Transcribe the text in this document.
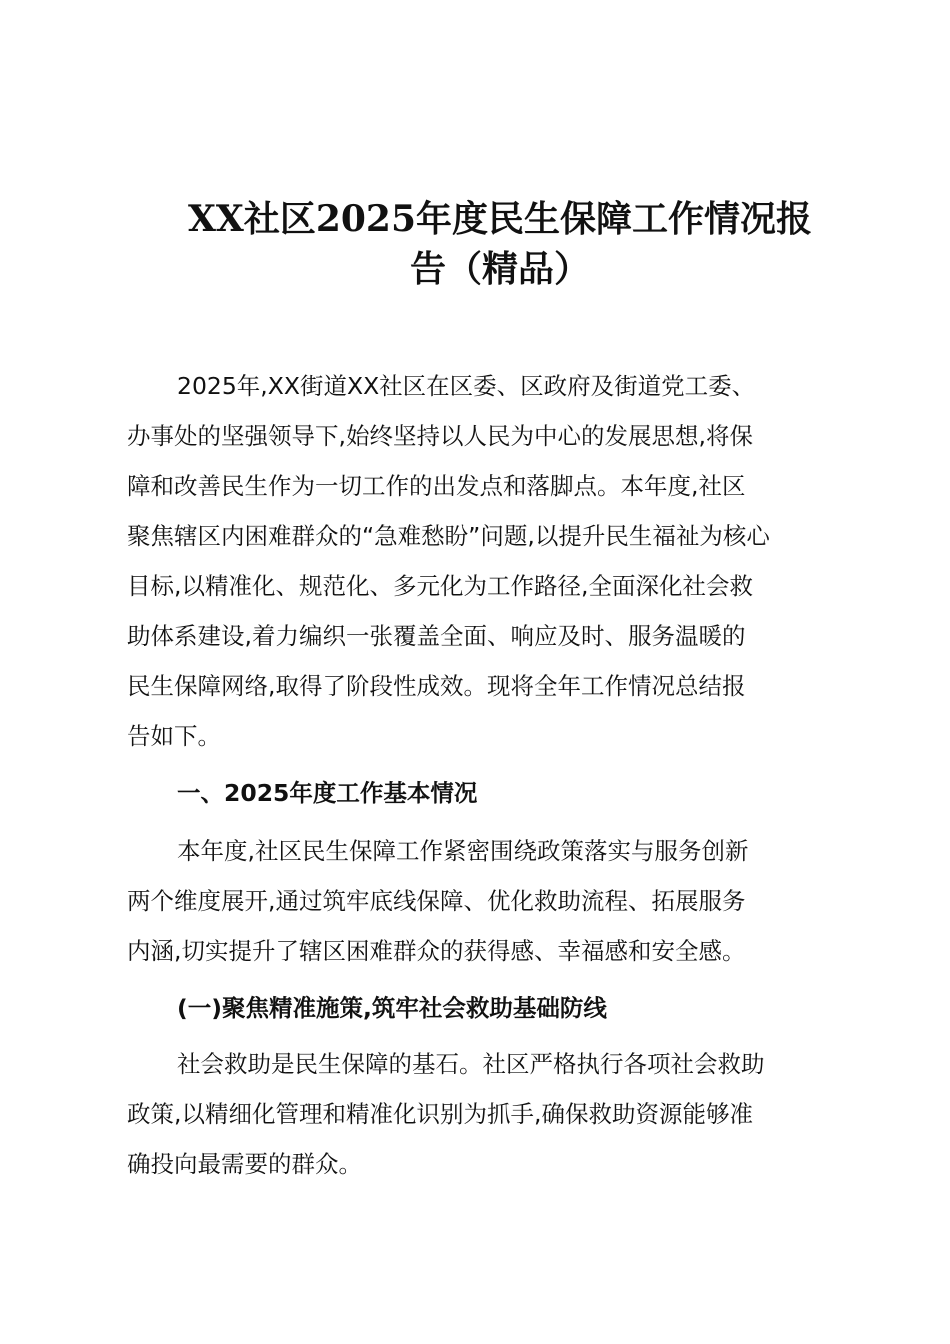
XX社区2025年度民生保障工作情况报
告（精品）
2025年,XX街道XX社区在区委、区政府及街道党工委、
办事处的坚强领导下,始终坚持以人民为中心的发展思想,将保
障和改善民生作为一切工作的出发点和落脚点。本年度,社区
聚焦辖区内困难群众的“急难愁盼”问题,以提升民生福祉为核心
目标,以精准化、规范化、多元化为工作路径,全面深化社会救
助体系建设,着力编织一张覆盖全面、响应及时、服务温暖的
民生保障网络,取得了阶段性成效。现将全年工作情况总结报
告如下。
一、2025年度工作基本情况
本年度,社区民生保障工作紧密围绕政策落实与服务创新
两个维度展开,通过筑牢底线保障、优化救助流程、拓展服务
内涵,切实提升了辖区困难群众的获得感、幸福感和安全感。
(一)聚焦精准施策,筑牢社会救助基础防线
社会救助是民生保障的基石。社区严格执行各项社会救助
政策,以精细化管理和精准化识别为抓手,确保救助资源能够准
确投向最需要的群众。
